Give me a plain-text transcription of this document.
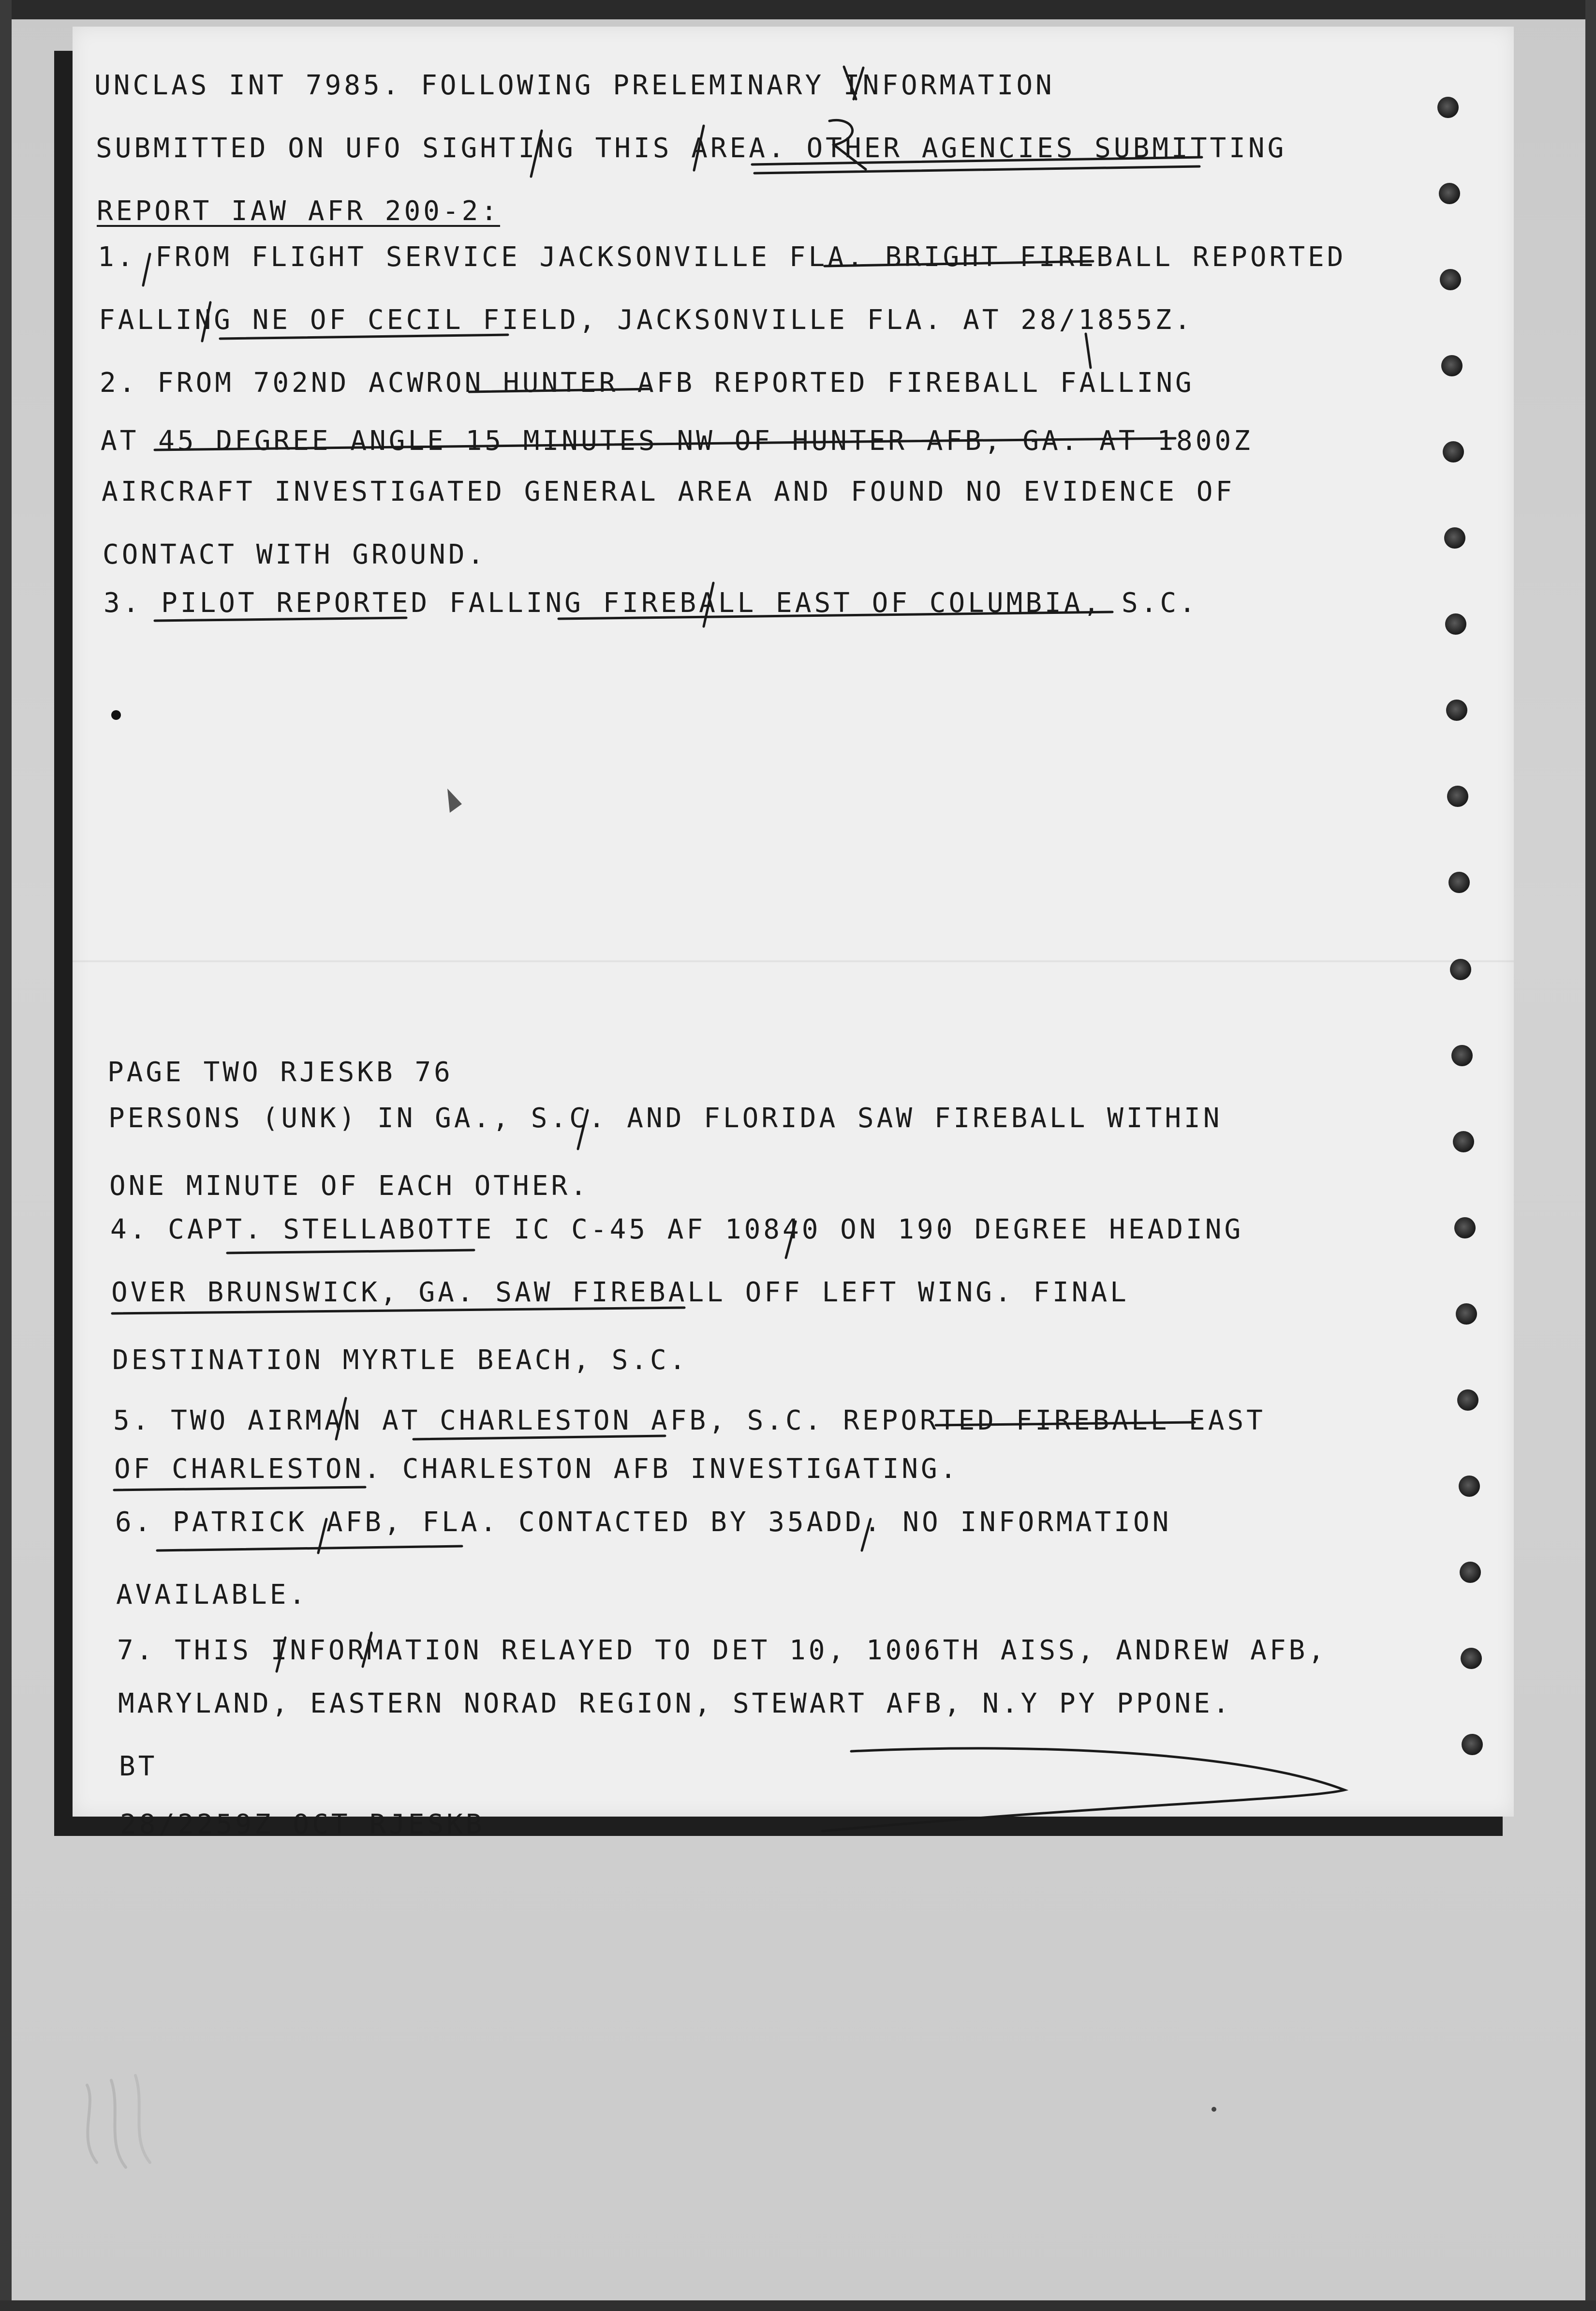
UNCLAS INT 7985. FOLLOWING PRELEMINARY INFORMATION
SUBMITTED ON UFO SIGHTING THIS AREA. OTHER AGENCIES SUBMITTING
REPORT IAW AFR 200-2:
1. FROM FLIGHT SERVICE JACKSONVILLE FLA. BRIGHT FIREBALL REPORTED
FALLING NE OF CECIL FIELD, JACKSONVILLE FLA. AT 28/1855Z.
2. FROM 702ND ACWRON HUNTER AFB REPORTED FIREBALL FALLING
AT 45 DEGREE ANGLE 15 MINUTES NW OF HUNTER AFB, GA. AT 1800Z
AIRCRAFT INVESTIGATED GENERAL AREA AND FOUND NO EVIDENCE OF
CONTACT WITH GROUND.
3. PILOT REPORTED FALLING FIREBALL EAST OF COLUMBIA, S.C.
PAGE TWO RJESKB 76
PERSONS (UNK) IN GA., S.C. AND FLORIDA SAW FIREBALL WITHIN
ONE MINUTE OF EACH OTHER.
4. CAPT. STELLABOTTE IC C-45 AF 10840 ON 190 DEGREE HEADING
OVER BRUNSWICK, GA. SAW FIREBALL OFF LEFT WING. FINAL
DESTINATION MYRTLE BEACH, S.C.
5. TWO AIRMAN AT CHARLESTON AFB, S.C. REPORTED FIREBALL EAST
OF CHARLESTON. CHARLESTON AFB INVESTIGATING.
6. PATRICK AFB, FLA. CONTACTED BY 35ADD. NO INFORMATION
AVAILABLE.
7. THIS INFORMATION RELAYED TO DET 10, 1006TH AISS, ANDREW AFB,
MARYLAND, EASTERN NORAD REGION, STEWART AFB, N.Y PY PPONE.
BT
28/2259Z OCT RJESKB
